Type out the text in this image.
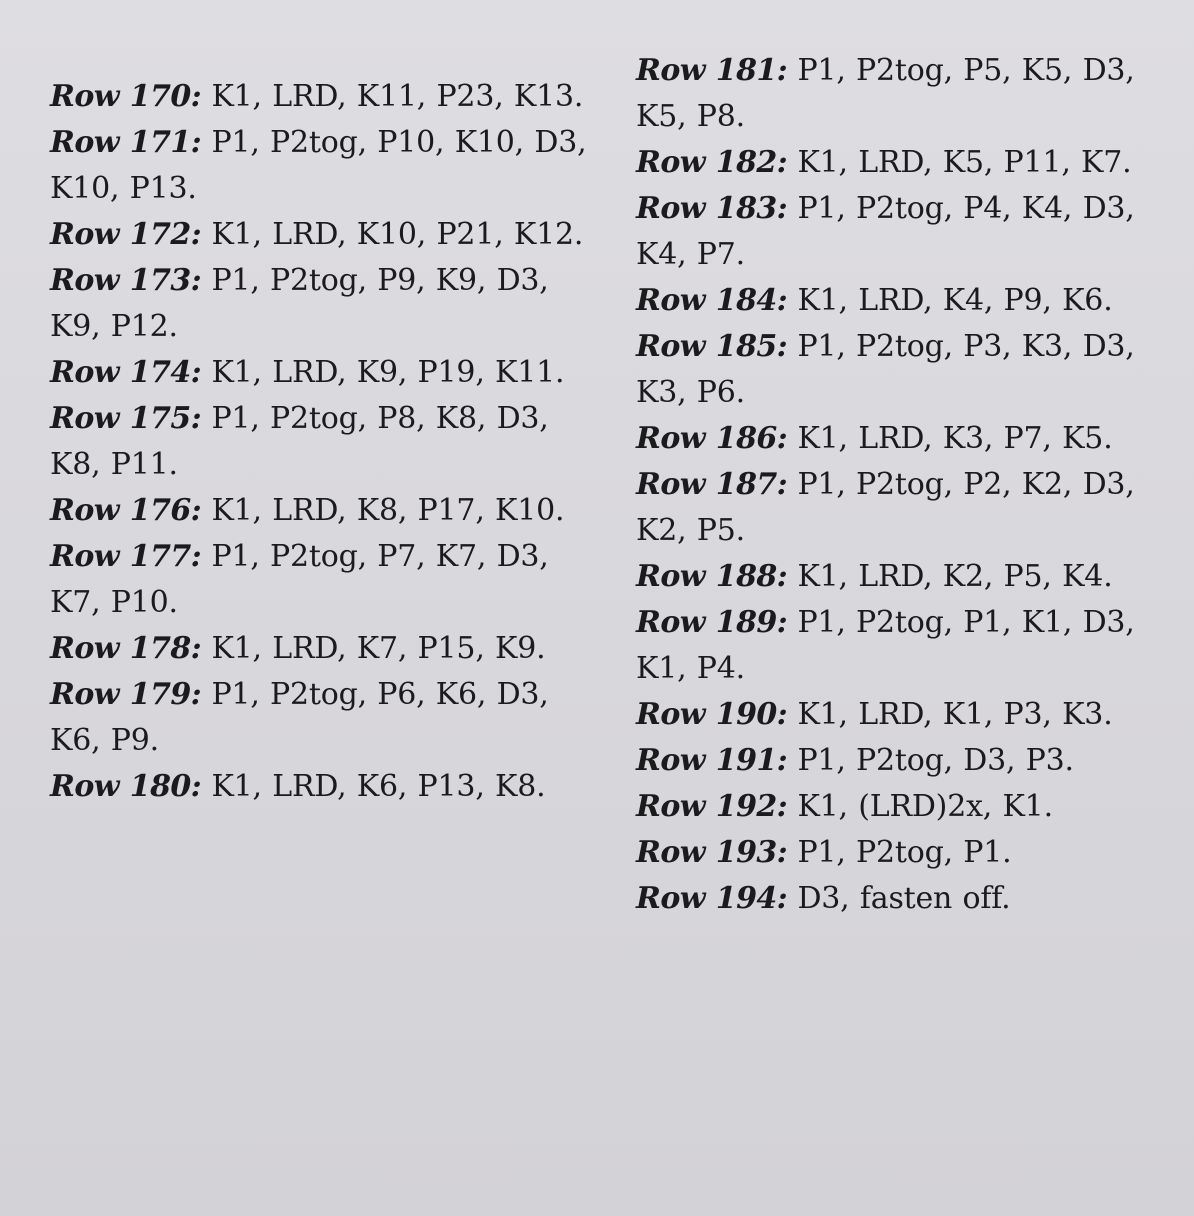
Row 170: K1, LRD, K11, P23, K13.

Row 171: P1, P2tog, P10, K10, D3, K10, P13.

Row 172: K1, LRD, K10, P21, K12.

Row 173: P1, P2tog, P9, K9, D3, K9, P12.

Row 174: K1, LRD, K9, P19, K11.

Row 175: P1, P2tog, P8, K8, D3, K8, P11.

Row 176: K1, LRD, K8, P17, K10.

Row 177: P1, P2tog, P7, K7, D3, K7, P10.

Row 178: K1, LRD, K7, P15, K9.

Row 179: P1, P2tog, P6, K6, D3, K6, P9.

Row 180: K1, LRD, K6, P13, K8.

Row 181: P1, P2tog, P5, K5, D3, K5, P8.

Row 182: K1, LRD, K5, P11, K7.

Row 183: P1, P2tog, P4, K4, D3, K4, P7.

Row 184: K1, LRD, K4, P9, K6.

Row 185: P1, P2tog, P3, K3, D3, K3, P6.

Row 186: K1, LRD, K3, P7, K5.

Row 187: P1, P2tog, P2, K2, D3, K2, P5.

Row 188: K1, LRD, K2, P5, K4.

Row 189: P1, P2tog, P1, K1, D3, K1, P4.

Row 190: K1, LRD, K1, P3, K3.

Row 191: P1, P2tog, D3, P3.

Row 192: K1, (LRD)2x, K1.

Row 193: P1, P2tog, P1.

Row 194: D3, fasten off.
